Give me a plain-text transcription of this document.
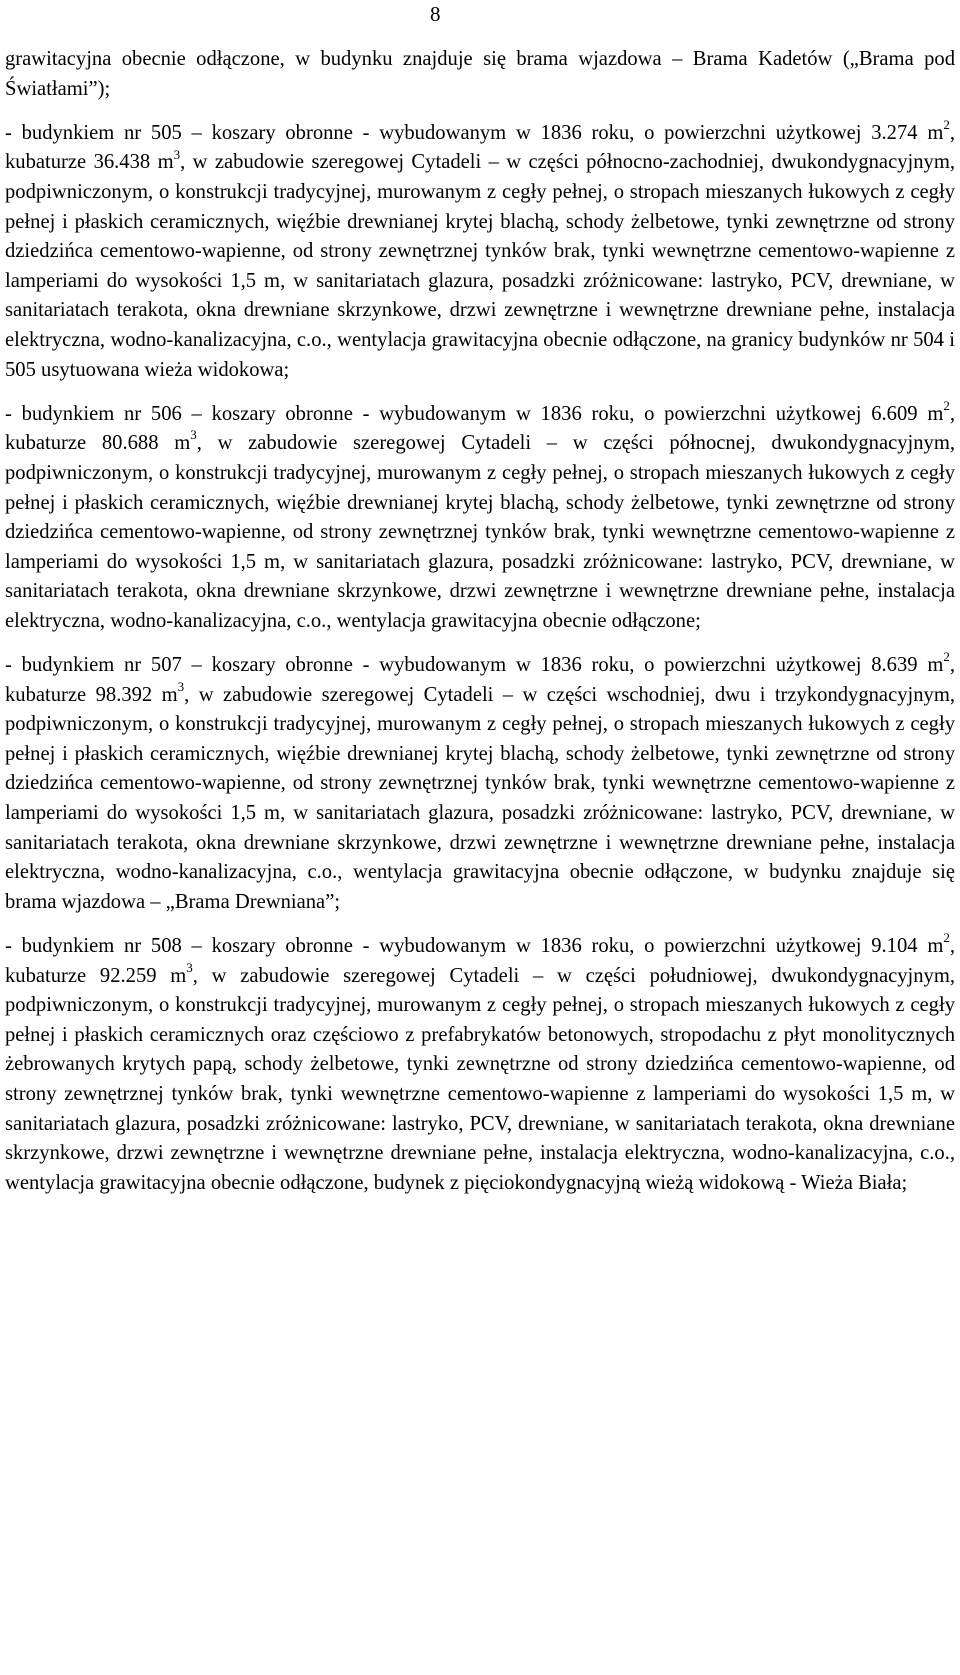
8

grawitacyjna obecnie odłączone, w budynku znajduje się brama wjazdowa – Brama Kadetów („Brama pod Światłami”);

- budynkiem nr 505 – koszary obronne - wybudowanym w 1836 roku, o powierzchni użytkowej 3.274 $m^2$, kubaturze 36.438 $m^3$, w zabudowie szeregowej Cytadeli – w części północno-zachodniej, dwukondygnacyjnym, podpiwniczonym, o konstrukcji tradycyjnej, murowanym z cegły pełnej, o stropach mieszanych łukowych z cegły pełnej i płaskich ceramicznych, więźbie drewnianej krytej blachą, schody żelbetowe, tynki zewnętrzne od strony dziedzińca cementowo-wapienne, od strony zewnętrznej tynków brak, tynki wewnętrzne cementowo-wapienne z lamperiami do wysokości 1,5 m, w sanitariatach glazura, posadzki zróżnicowane: lastryko, PCV, drewniane, w sanitariatach terakota, okna drewniane skrzynkowe, drzwi zewnętrzne i wewnętrzne drewniane pełne, instalacja elektryczna, wodno-kanalizacyjna, c.o., wentylacja grawitacyjna obecnie odłączone, na granicy budynków nr 504 i 505 usytuowana wieża widokowa;

- budynkiem nr 506 – koszary obronne - wybudowanym w 1836 roku, o powierzchni użytkowej 6.609 $m^2$, kubaturze 80.688 $m^3$, w zabudowie szeregowej Cytadeli – w części północnej, dwukondygnacyjnym, podpiwniczonym, o konstrukcji tradycyjnej, murowanym z cegły pełnej, o stropach mieszanych łukowych z cegły pełnej i płaskich ceramicznych, więźbie drewnianej krytej blachą, schody żelbetowe, tynki zewnętrzne od strony dziedzińca cementowo-wapienne, od strony zewnętrznej tynków brak, tynki wewnętrzne cementowo-wapienne z lamperiami do wysokości 1,5 m, w sanitariatach glazura, posadzki zróżnicowane: lastryko, PCV, drewniane, w sanitariatach terakota, okna drewniane skrzynkowe, drzwi zewnętrzne i wewnętrzne drewniane pełne, instalacja elektryczna, wodno-kanalizacyjna, c.o., wentylacja grawitacyjna obecnie odłączone;

- budynkiem nr 507 – koszary obronne - wybudowanym w 1836 roku, o powierzchni użytkowej 8.639 $m^2$, kubaturze 98.392 $m^3$, w zabudowie szeregowej Cytadeli – w części wschodniej, dwu i trzykondygnacyjnym, podpiwniczonym, o konstrukcji tradycyjnej, murowanym z cegły pełnej, o stropach mieszanych łukowych z cegły pełnej i płaskich ceramicznych, więźbie drewnianej krytej blachą, schody żelbetowe, tynki zewnętrzne od strony dziedzińca cementowo-wapienne, od strony zewnętrznej tynków brak, tynki wewnętrzne cementowo-wapienne z lamperiami do wysokości 1,5 m, w sanitariatach glazura, posadzki zróżnicowane: lastryko, PCV, drewniane, w sanitariatach terakota, okna drewniane skrzynkowe, drzwi zewnętrzne i wewnętrzne drewniane pełne, instalacja elektryczna, wodno-kanalizacyjna, c.o., wentylacja grawitacyjna obecnie odłączone, w budynku znajduje się brama wjazdowa – „Brama Drewniana”;

- budynkiem nr 508 – koszary obronne - wybudowanym w 1836 roku, o powierzchni użytkowej 9.104 $m^2$, kubaturze 92.259 $m^3$, w zabudowie szeregowej Cytadeli – w części południowej, dwukondygnacyjnym, podpiwniczonym, o konstrukcji tradycyjnej, murowanym z cegły pełnej, o stropach mieszanych łukowych z cegły pełnej i płaskich ceramicznych oraz częściowo z prefabrykatów betonowych, stropodachu z płyt monolitycznych żebrowanych krytych papą, schody żelbetowe, tynki zewnętrzne od strony dziedzińca cementowo-wapienne, od strony zewnętrznej tynków brak, tynki wewnętrzne cementowo-wapienne z lamperiami do wysokości 1,5 m, w sanitariatach glazura, posadzki zróżnicowane: lastryko, PCV, drewniane, w sanitariatach terakota, okna drewniane skrzynkowe, drzwi zewnętrzne i wewnętrzne drewniane pełne, instalacja elektryczna, wodno-kanalizacyjna, c.o., wentylacja grawitacyjna obecnie odłączone, budynek z pięciokondygnacyjną wieżą widokową - Wieża Biała;
